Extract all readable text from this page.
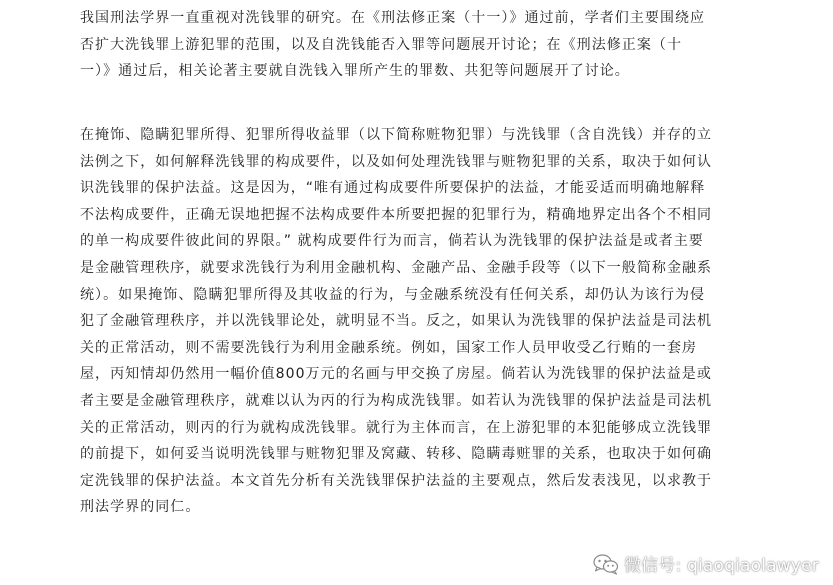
我国刑法学界一直重视对洗钱罪的研究。在《刑法修正案（十一）》通过前，学者们主要围绕应
否扩大洗钱罪上游犯罪的范围，以及自洗钱能否入罪等问题展开讨论；在《刑法修正案（十
一）》通过后，相关论著主要就自洗钱入罪所产生的罪数、共犯等问题展开了讨论。
在掩饰、隐瞒犯罪所得、犯罪所得收益罪（以下简称赃物犯罪）与洗钱罪（含自洗钱）并存的立
法例之下，如何解释洗钱罪的构成要件，以及如何处理洗钱罪与赃物犯罪的关系，取决于如何认
识洗钱罪的保护法益。这是因为，“唯有通过构成要件所要保护的法益，才能妥适而明确地解释
不法构成要件，正确无误地把握不法构成要件本所要把握的犯罪行为，精确地界定出各个不相同
的单一构成要件彼此间的界限。” 就构成要件行为而言，倘若认为洗钱罪的保护法益是或者主要
是金融管理秩序，就要求洗钱行为利用金融机构、金融产品、金融手段等（以下一般简称金融系
统）。如果掩饰、隐瞒犯罪所得及其收益的行为，与金融系统没有任何关系，却仍认为该行为侵
犯了金融管理秩序，并以洗钱罪论处，就明显不当。反之，如果认为洗钱罪的保护法益是司法机
关的正常活动，则不需要洗钱行为利用金融系统。例如，国家工作人员甲收受乙行贿的一套房
屋，丙知情却仍然用一幅价值800万元的名画与甲交换了房屋。倘若认为洗钱罪的保护法益是或
者主要是金融管理秩序，就难以认为丙的行为构成洗钱罪。如若认为洗钱罪的保护法益是司法机
关的正常活动，则丙的行为就构成洗钱罪。就行为主体而言，在上游犯罪的本犯能够成立洗钱罪
的前提下，如何妥当说明洗钱罪与赃物犯罪及窝藏、转移、隐瞒毒赃罪的关系，也取决于如何确
定洗钱罪的保护法益。本文首先分析有关洗钱罪保护法益的主要观点，然后发表浅见，以求教于
刑法学界的同仁。
微信号: qiaoqiaolawyer
